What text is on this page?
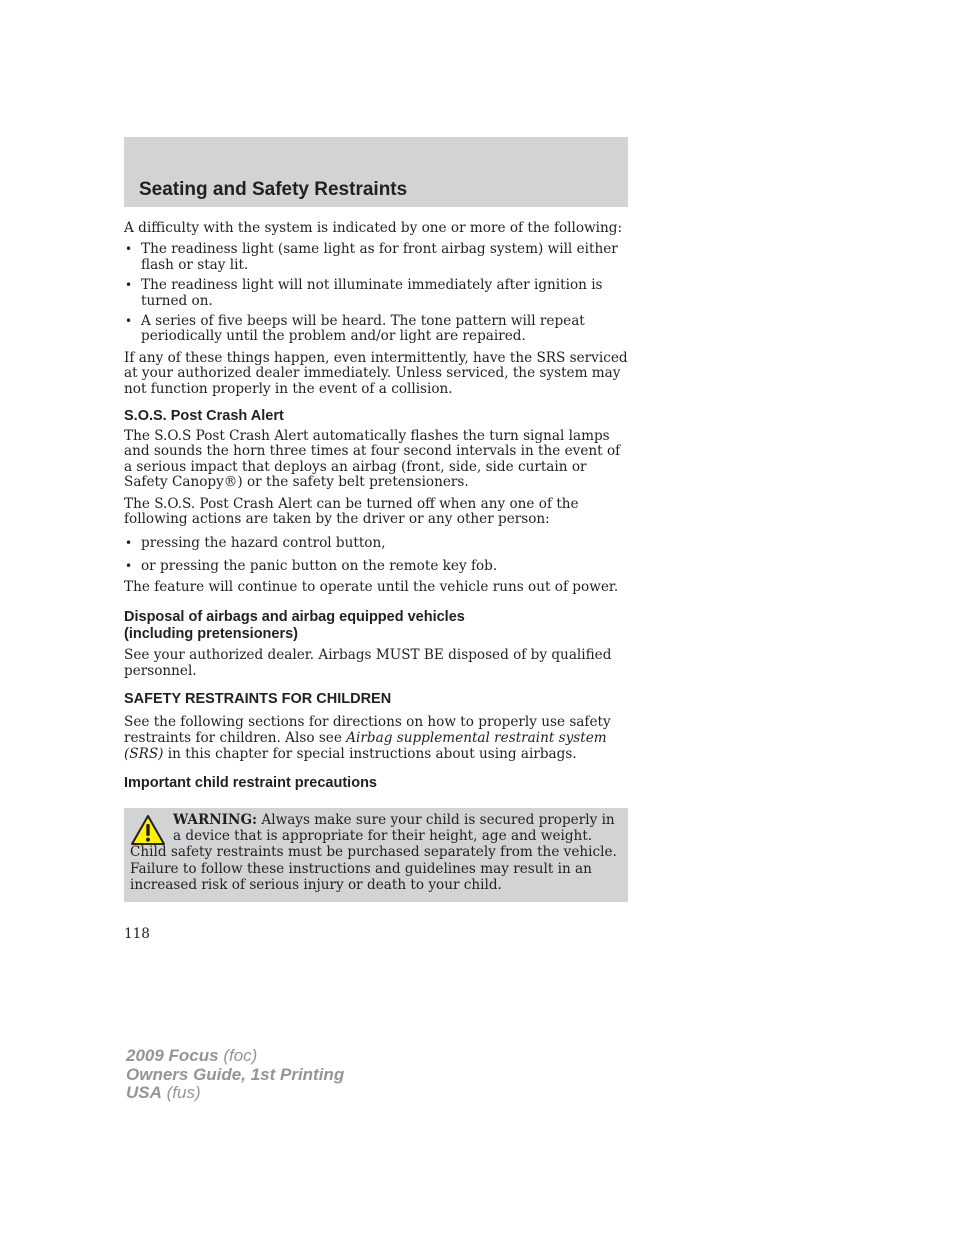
Seating and Safety Restraints

A difficulty with the system is indicated by one or more of the following:

• The readiness light (same light as for front airbag system) will either
flash or stay lit.
• The readiness light will not illuminate immediately after ignition is
turned on.
• A series of five beeps will be heard. The tone pattern will repeat
periodically until the problem and/or light are repaired.
If any of these things happen, even intermittently, have the SRS serviced
at your authorized dealer immediately. Unless serviced, the system may
not function properly in the event of a collision.
S.O.S. Post Crash Alert
The S.O.S Post Crash Alert automatically flashes the turn signal lamps
and sounds the horn three times at four second intervals in the event of
a serious impact that deploys an airbag (front, side, side curtain or
Safety Canopy®) or the safety belt pretensioners.
The S.O.S. Post Crash Alert can be turned off when any one of the
following actions are taken by the driver or any other person:
• pressing the hazard control button,
• or pressing the panic button on the remote key fob.

The feature will continue to operate until the vehicle runs out of power.

Disposal of airbags and airbag equipped vehicles
(including pretensioners)
See your authorized dealer. Airbags MUST BE disposed of by qualified
personnel.
SAFETY RESTRAINTS FOR CHILDREN
See the following sections for directions on how to properly use safety
restraints for children. Also see Airbag supplemental restraint system
(SRS) in this chapter for special instructions about using airbags.
Important child restraint precautions
WARNING: Always make sure your child is secured properly in
a device that is appropriate for their height, age and weight.
Child safety restraints must be purchased separately from the vehicle.
Failure to follow these instructions and guidelines may result in an
increased risk of serious injury or death to your child.
118
2009 Focus (foc)
Owners Guide, 1st Printing
USA (fus)
